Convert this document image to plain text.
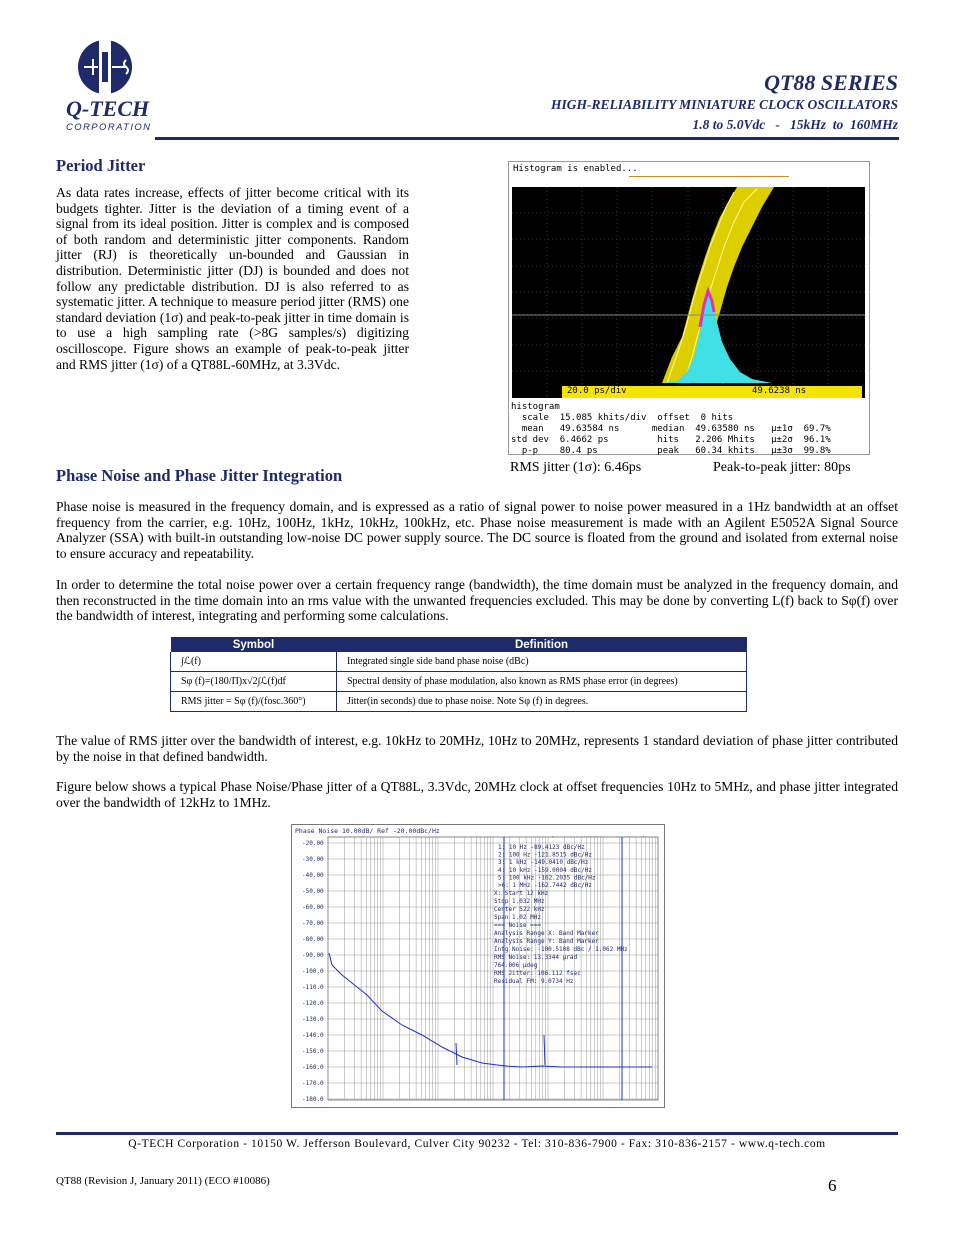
Q-TECH
CORPORATION
QT88 SERIES
HIGH-RELIABILITY MINIATURE CLOCK OSCILLATORS
1.8 to 5.0Vdc   -   15kHz  to  160MHz
Period Jitter
As data rates increase, effects of jitter become critical with its budgets tighter. Jitter is the deviation of a timing event of a signal from its ideal position. Jitter is complex and is composed of both random and deterministic jitter components. Random jitter (RJ) is theoretically un-bounded and Gaussian in distribution. Deterministic jitter (DJ) is bounded and does not follow any predictable distribution. DJ is also referred to as systematic jitter. A technique to measure period jitter (RMS) one standard deviation (1σ) and peak-to-peak jitter in time domain is to use a high sampling rate (>8G samples/s) digitizing oscilloscope. Figure shows an example of peak-to-peak jitter and RMS jitter (1σ) of a QT88L-60MHz, at 3.3Vdc.
Histogram is enabled...
20.0 ps/div	49.6238 ns
histogram
scale  15.085 khits/div  offset  0 hits
mean   49.63584 ns      median  49.63580 ns   μ±1σ  69.7%
std dev  6.4662 ps         hits   2.206 Mhits   μ±2σ  96.1%
p-p    80.4 ps           peak   60.34 khits   μ±3σ  99.8%
RMS jitter (1σ): 6.46ps	Peak-to-peak jitter: 80ps
Phase Noise and Phase Jitter Integration
Phase noise is measured in the frequency domain, and is expressed as a ratio of signal power to noise power measured in a 1Hz bandwidth at an offset frequency from the carrier, e.g. 10Hz, 100Hz, 1kHz, 10kHz, 100kHz, etc. Phase noise measurement is made with an Agilent E5052A Signal Source Analyzer (SSA) with built-in outstanding low-noise DC power supply source. The DC source is floated from the ground and isolated from external noise to ensure accuracy and repeatability.
In order to determine the total noise power over a certain frequency range (bandwidth), the time domain must be analyzed in the frequency domain, and then reconstructed in the time domain into an rms value with the unwanted frequencies excluded. This may be done by converting L(f) back to Sφ(f) over the bandwidth of interest, integrating and performing some calculations.
Symbol	Definition
∫ℒ(f)	Integrated single side band phase noise (dBc)
Sφ (f)=(180/Π)x√2∫ℒ(f)df	Spectral density of phase modulation, also known as RMS phase error (in degrees)
RMS jitter = Sφ (f)/(fosc.360°)	Jitter(in seconds) due to phase noise. Note Sφ (f) in degrees.
The value of RMS jitter over the bandwidth of interest, e.g. 10kHz to 20MHz, 10Hz to 20MHz, represents 1 standard deviation of phase jitter contributed by the noise in that defined bandwidth.
Figure below shows a typical Phase Noise/Phase jitter of a QT88L, 3.3Vdc, 20MHz clock at offset frequencies 10Hz to 5MHz, and phase jitter integrated over the bandwidth of 12kHz to 1MHz.
Phase Noise 10.00dB/ Ref -20.00dBc/Hz
-20.00
-30.00
-40.00
-50.00
-60.00
-70.00
-80.00
-90.00
-100.0
-110.0
-120.0
-130.0
-140.0
-150.0
-160.0
-170.0
-180.0
1: 10 Hz -89.4123 dBc/Hz
2: 100 Hz -121.8515 dBc/Hz
3: 1 kHz -149.0410 dBc/Hz
4: 10 kHz -159.0004 dBc/Hz
5: 100 kHz -162.2035 dBc/Hz
>6: 1 MHz -162.7442 dBc/Hz
X: Start 12 kHz
Stop 1.032 MHz
Center 522 kHz
Span 1.02 MHz
=== Noise ===
Analysis Range X: Band Marker
Analysis Range Y: Band Marker
Intg Noise: -100.5108 dBc / 1.062 MHz
RMS Noise: 13.3344 μrad
764.006 μdeg
RMS Jitter: 106.112 fsec
Residual FM: 9.0734 Hz
Q-TECH Corporation - 10150 W. Jefferson Boulevard, Culver City 90232 - Tel: 310-836-7900 - Fax: 310-836-2157 - www.q-tech.com
QT88 (Revision J, January 2011) (ECO #10086)	6
